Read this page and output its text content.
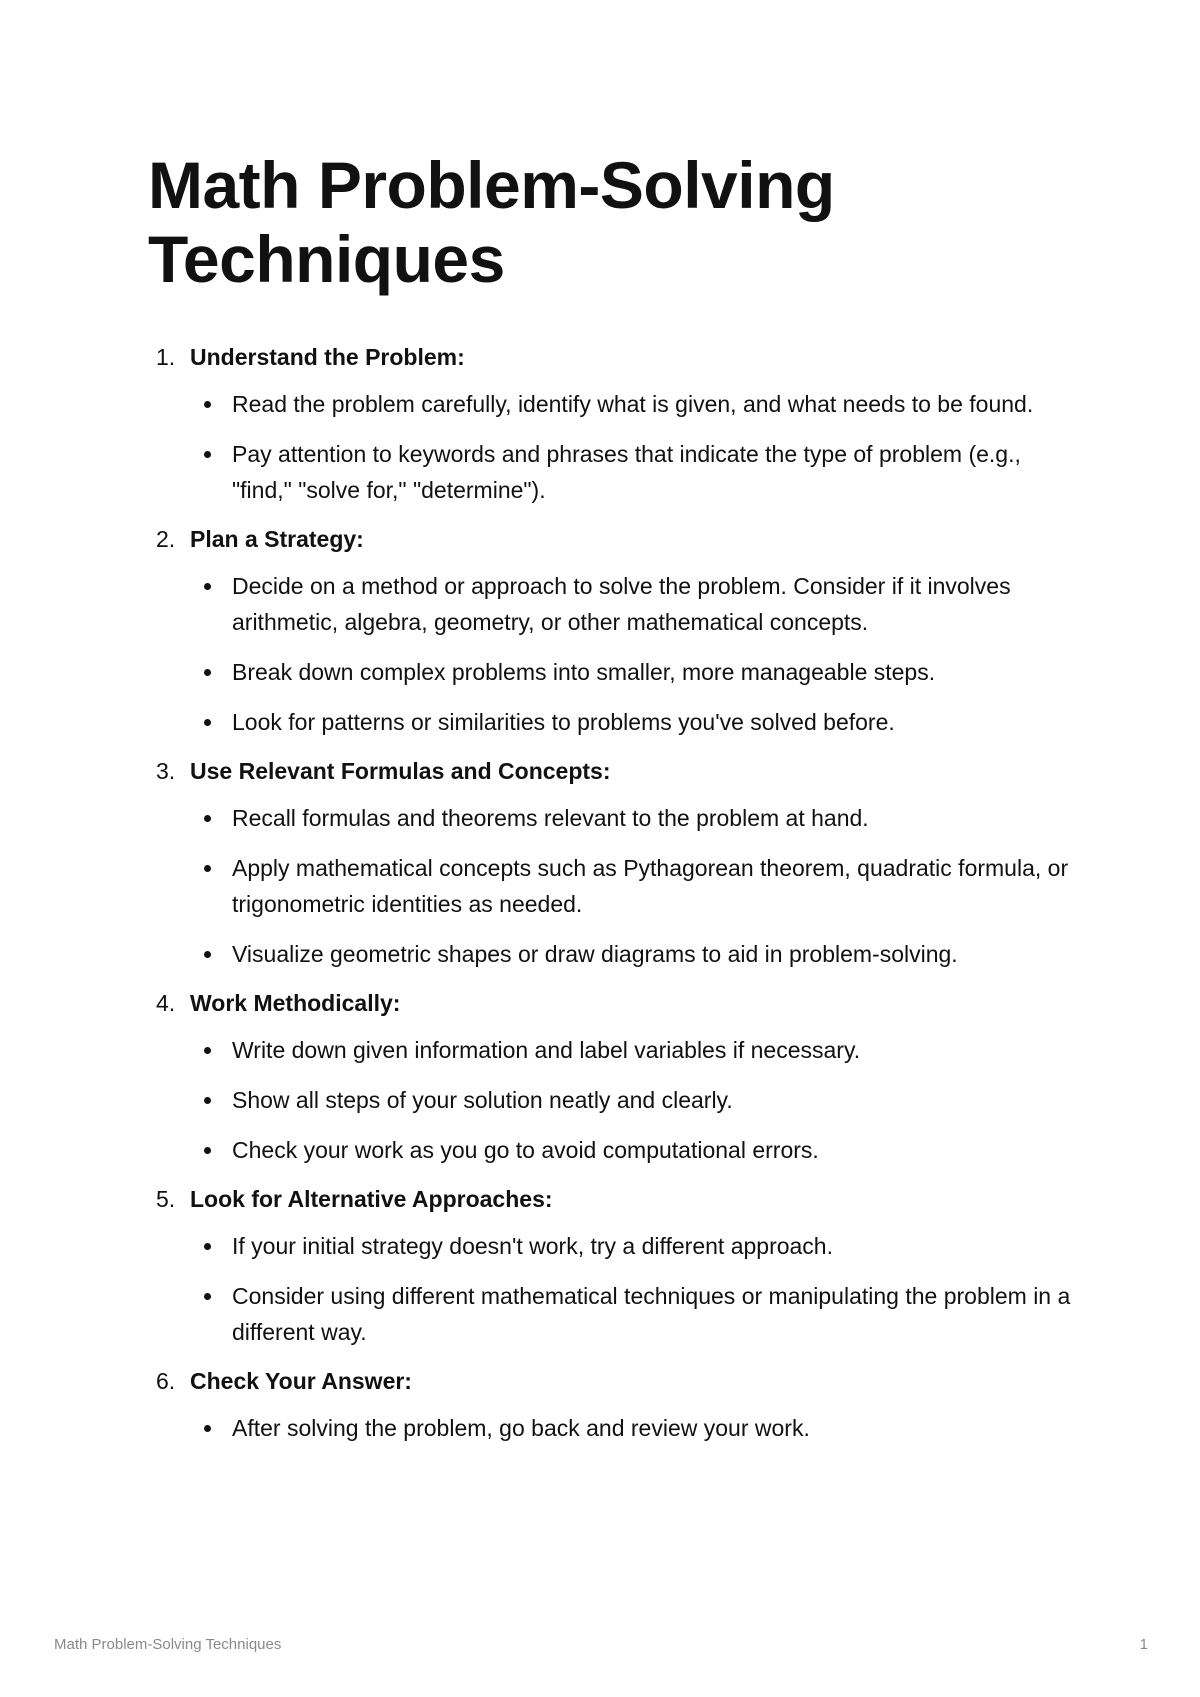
Math Problem-Solving
Techniques
1. Understand the Problem:
Read the problem carefully, identify what is given, and what needs to be found.
Pay attention to keywords and phrases that indicate the type of problem (e.g., "find," "solve for," "determine").
2. Plan a Strategy:
Decide on a method or approach to solve the problem. Consider if it involves arithmetic, algebra, geometry, or other mathematical concepts.
Break down complex problems into smaller, more manageable steps.
Look for patterns or similarities to problems you've solved before.
3. Use Relevant Formulas and Concepts:
Recall formulas and theorems relevant to the problem at hand.
Apply mathematical concepts such as Pythagorean theorem, quadratic formula, or trigonometric identities as needed.
Visualize geometric shapes or draw diagrams to aid in problem-solving.
4. Work Methodically:
Write down given information and label variables if necessary.
Show all steps of your solution neatly and clearly.
Check your work as you go to avoid computational errors.
5. Look for Alternative Approaches:
If your initial strategy doesn't work, try a different approach.
Consider using different mathematical techniques or manipulating the problem in a different way.
6. Check Your Answer:
After solving the problem, go back and review your work.
Math Problem-Solving Techniques	1
